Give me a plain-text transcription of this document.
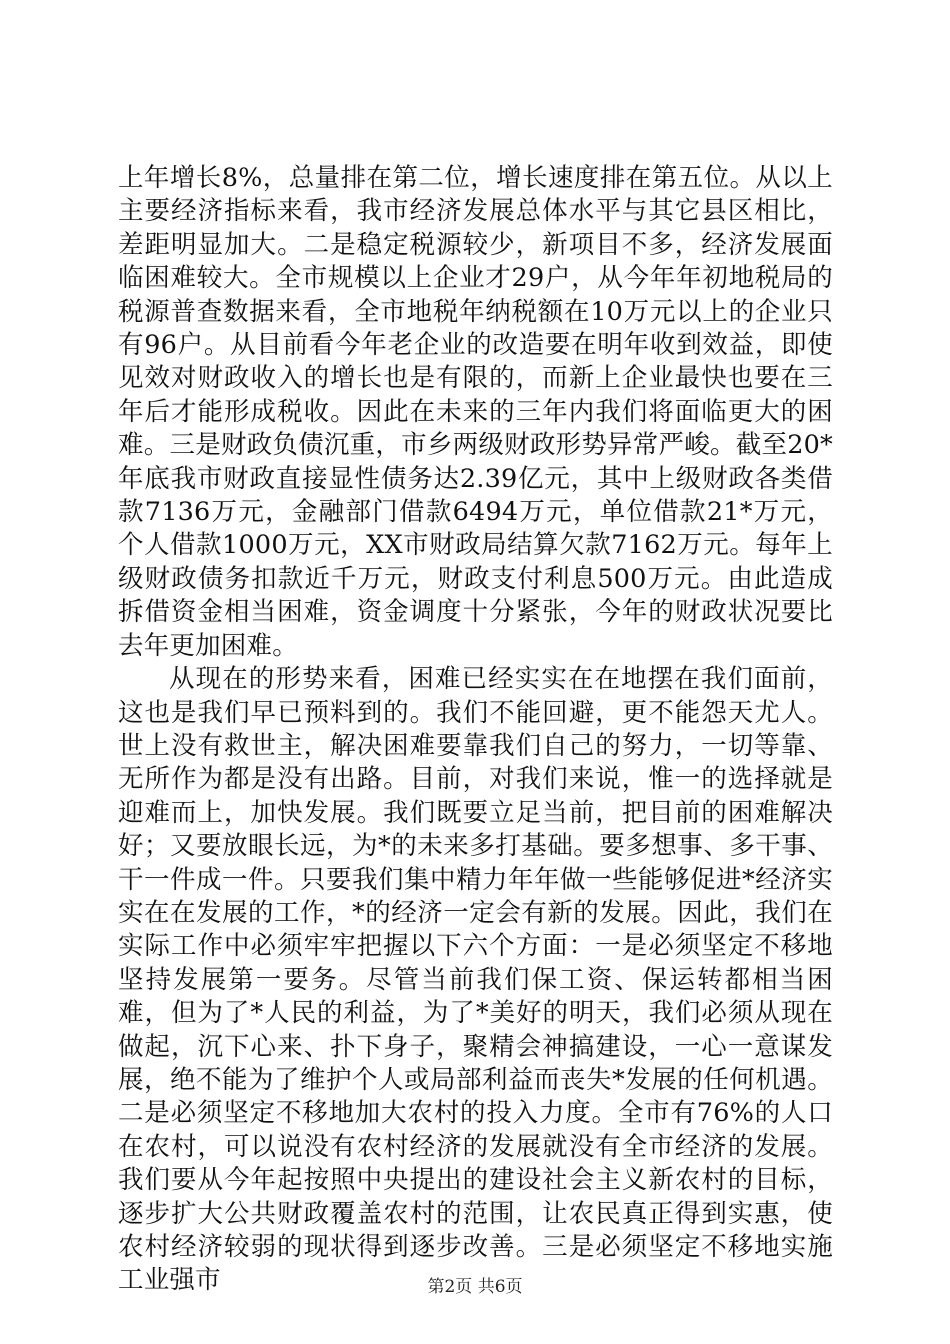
上年增长8%，总量排在第二位，增长速度排在第五位。从以上主要经济指标来看，我市经济发展总体水平与其它县区相比，差距明显加大。二是稳定税源较少，新项目不多，经济发展面临困难较大。全市规模以上企业才29户，从今年年初地税局的税源普查数据来看，全市地税年纳税额在10万元以上的企业只有96户。从目前看今年老企业的改造要在明年收到效益，即使见效对财政收入的增长也是有限的，而新上企业最快也要在三年后才能形成税收。因此在未来的三年内我们将面临更大的困难。三是财政负债沉重，市乡两级财政形势异常严峻。截至20*年底我市财政直接显性债务达2.39亿元，其中上级财政各类借款7136万元，金融部门借款6494万元，单位借款21*万元，个人借款1000万元，XX市财政局结算欠款7162万元。每年上级财政债务扣款近千万元，财政支付利息500万元。由此造成拆借资金相当困难，资金调度十分紧张，今年的财政状况要比去年更加困难。

从现在的形势来看，困难已经实实在在地摆在我们面前，这也是我们早已预料到的。我们不能回避，更不能怨天尤人。世上没有救世主，解决困难要靠我们自己的努力，一切等靠、无所作为都是没有出路。目前，对我们来说，惟一的选择就是迎难而上，加快发展。我们既要立足当前，把目前的困难解决好；又要放眼长远，为*的未来多打基础。要多想事、多干事、干一件成一件。只要我们集中精力年年做一些能够促进*经济实实在在发展的工作，*的经济一定会有新的发展。因此，我们在实际工作中必须牢牢把握以下六个方面：一是必须坚定不移地坚持发展第一要务。尽管当前我们保工资、保运转都相当困难，但为了*人民的利益，为了*美好的明天，我们必须从现在做起，沉下心来、扑下身子，聚精会神搞建设，一心一意谋发展，绝不能为了维护个人或局部利益而丧失*发展的任何机遇。二是必须坚定不移地加大农村的投入力度。全市有76%的人口在农村，可以说没有农村经济的发展就没有全市经济的发展。我们要从今年起按照中央提出的建设社会主义新农村的目标，逐步扩大公共财政覆盖农村的范围，让农民真正得到实惠，使农村经济较弱的现状得到逐步改善。三是必须坚定不移地实施工业强市	第2页 共6页
